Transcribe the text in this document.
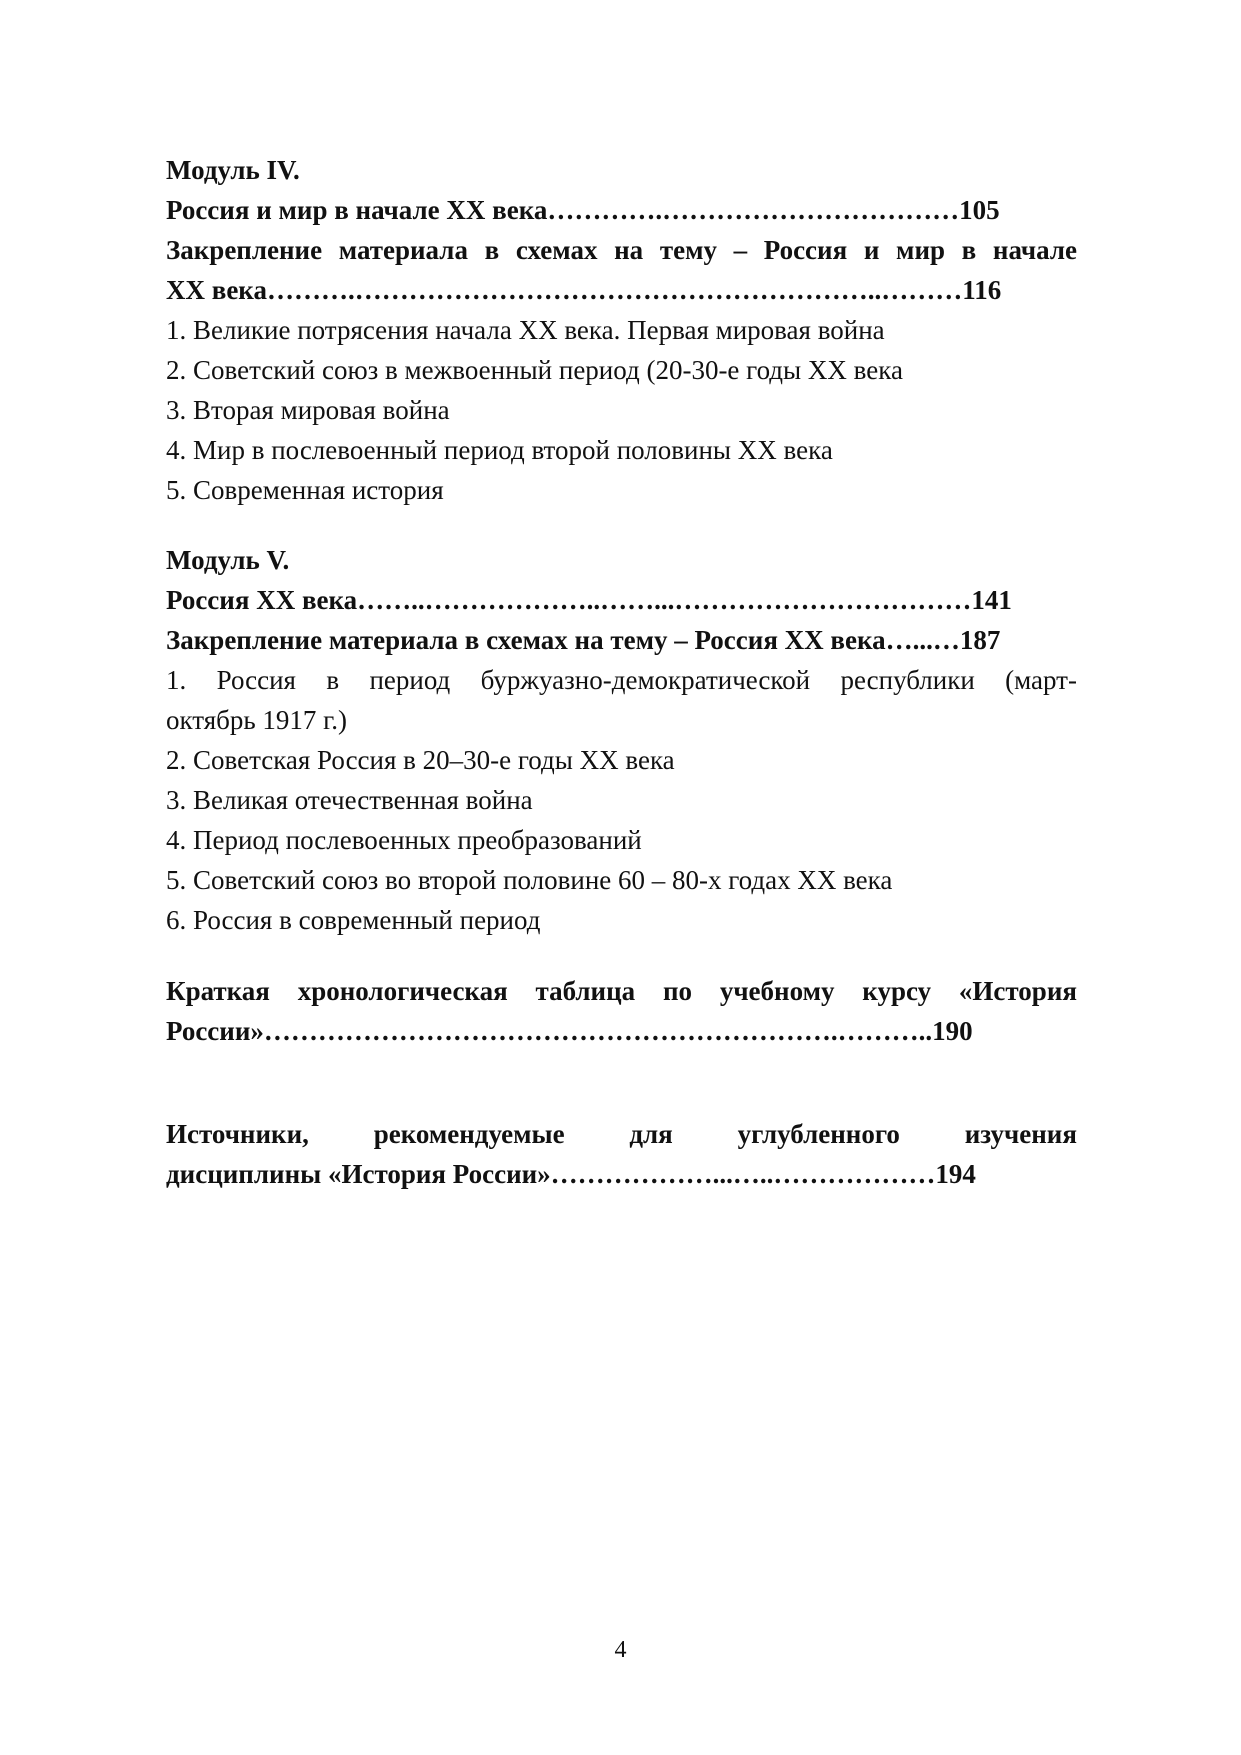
Модуль IV.
Россия и мир в начале XX века………….……………………………105
Закрепление материала в схемах на тему – Россия и мир в начале
XX века……….…………………………………………………..………116
1. Великие потрясения начала XX века. Первая мировая война
2. Советский союз в межвоенный период (20-30-е годы XX века
3. Вторая мировая война
4. Мир в послевоенный период второй половины XX века
5. Современная история
Модуль V.
Россия XX века……..………………..……...……………………………141
Закрепление материала в схемах на тему – Россия XX века…...…187
1. Россия в период буржуазно-демократической республики (март-
октябрь 1917 г.)
2. Советская Россия в 20–30-е годы XX века
3. Великая отечественная война
4. Период послевоенных преобразований
5. Советский союз во второй половине 60 – 80-х годах XX века
6. Россия в современный период
Краткая хронологическая таблица по учебному курсу «История
России»……………………………………………………….………..190
Источники, рекомендуемые для углубленного изучения
дисциплины «История России»………………...…..………………194
4
